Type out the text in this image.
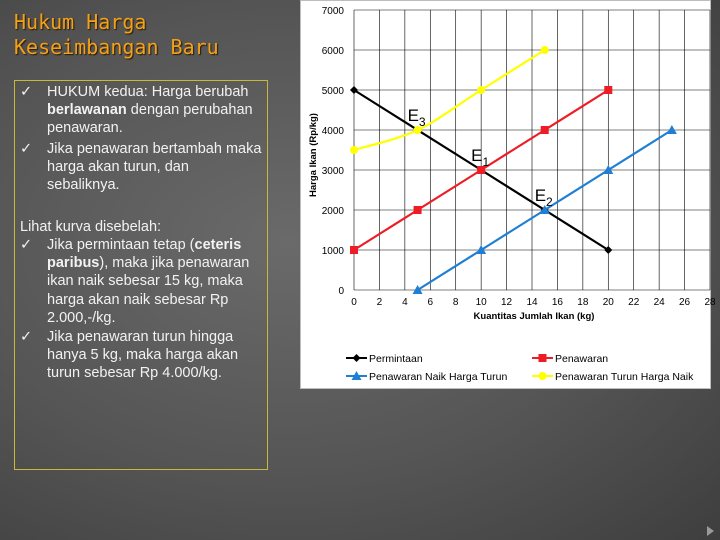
Hukum Harga
Keseimbangan Baru
✓ HUKUM kedua: Harga berubah berlawanan dengan perubahan penawaran.
✓ Jika penawaran bertambah maka harga akan turun, dan sebaliknya.
Lihat kurva disebelah:
✓ Jika permintaan tetap (ceteris paribus), maka jika penawaran ikan naik sebesar 15 kg, maka harga akan naik sebesar Rp 2.000,-/kg.
✓ Jika penawaran turun hingga hanya 5 kg, maka harga akan turun sebesar Rp 4.000/kg.
0 2 4 6 8 10 12 14 16 18 20 22 24 26 28
0
1000
2000
3000
4000
5000
6000
7000
Kuantitas Jumlah Ikan (kg)
Harga Ikan (Rp/kg)	$E_3$
$E_1$
$E_2$
Permintaan	Penawaran
Penawaran Naik Harga Turun	Penawaran Turun Harga Naik
